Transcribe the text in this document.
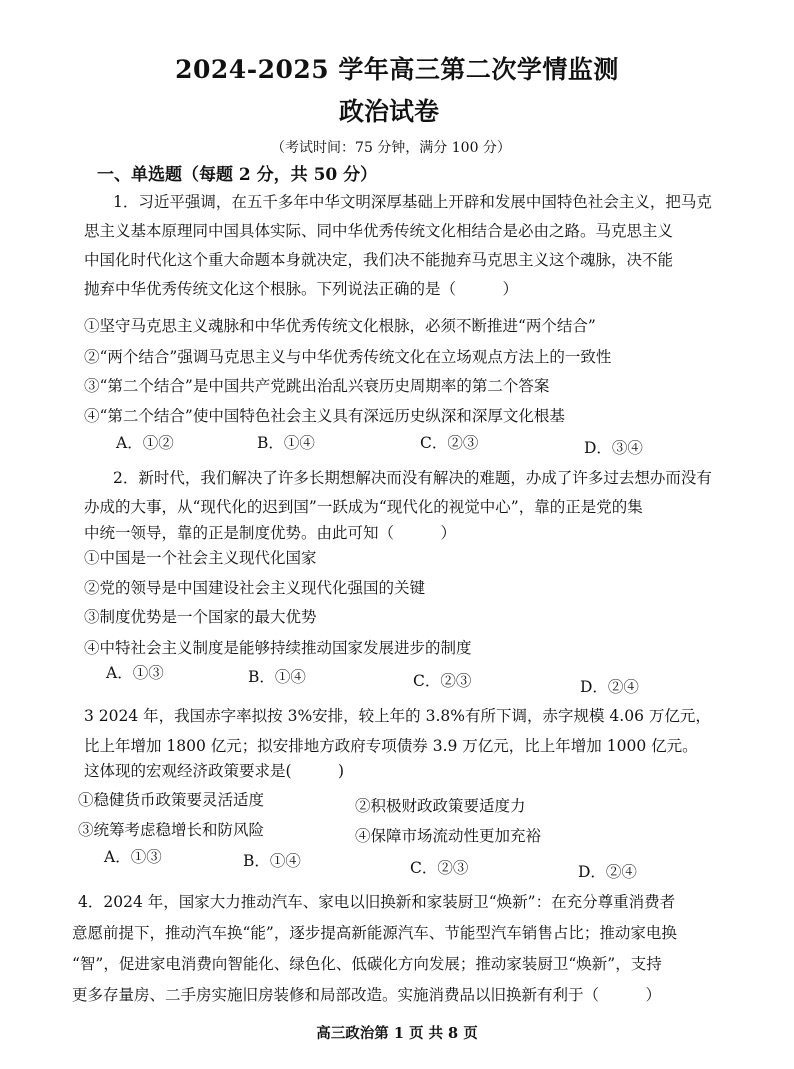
2024-2025 学年高三第二次学情监测
政治试卷
（考试时间：75 分钟，满分 100 分）
一、单选题（每题 2 分，共 50 分）
1．习近平强调，在五千多年中华文明深厚基础上开辟和发展中国特色社会主义，把马克
思主义基本原理同中国具体实际、同中华优秀传统文化相结合是必由之路。马克思主义
中国化时代化这个重大命题本身就决定，我们决不能抛弃马克思主义这个魂脉，决不能
抛弃中华优秀传统文化这个根脉。下列说法正确的是（　　　）
①坚守马克思主义魂脉和中华优秀传统文化根脉，必须不断推进“两个结合”
②“两个结合”强调马克思主义与中华优秀传统文化在立场观点方法上的一致性
③“第二个结合”是中国共产党跳出治乱兴衰历史周期率的第二个答案
④“第二个结合”使中国特色社会主义具有深远历史纵深和深厚文化根基
A．①②	B．①④	C．②③	D．③④
2．新时代，我们解决了许多长期想解决而没有解决的难题，办成了许多过去想办而没有
办成的大事，从“现代化的迟到国”一跃成为“现代化的视觉中心”，靠的正是党的集
中统一领导，靠的正是制度优势。由此可知（　　　）
①中国是一个社会主义现代化国家
②党的领导是中国建设社会主义现代化强国的关键
③制度优势是一个国家的最大优势
④中特社会主义制度是能够持续推动国家发展进步的制度
A．①③	B．①④	C．②③	D．②④
3 2024 年，我国赤字率拟按 3%安排，较上年的 3.8%有所下调，赤字规模 4.06 万亿元，
比上年增加 1800 亿元；拟安排地方政府专项债券 3.9 万亿元，比上年增加 1000 亿元。
这体现的宏观经济政策要求是(　　　)
①稳健货币政策要灵活适度	②积极财政政策要适度力
③统筹考虑稳增长和防风险	④保障市场流动性更加充裕
A．①③	B．①④	C．②③	D．②④
4．2024 年，国家大力推动汽车、家电以旧换新和家装厨卫“焕新”：在充分尊重消费者
意愿前提下，推动汽车换“能”，逐步提高新能源汽车、节能型汽车销售占比；推动家电换
“智”，促进家电消费向智能化、绿色化、低碳化方向发展；推动家装厨卫“焕新”，支持
更多存量房、二手房实施旧房装修和局部改造。实施消费品以旧换新有利于（　　　）
高三政治第 1 页 共 8 页
